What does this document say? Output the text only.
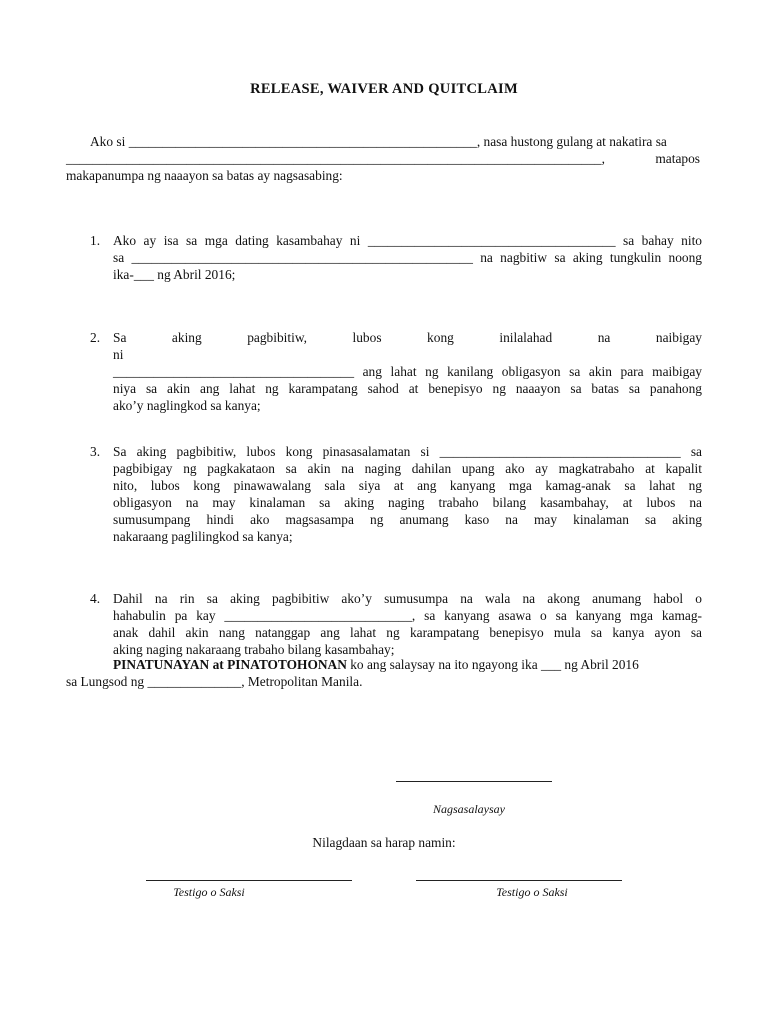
RELEASE, WAIVER AND QUITCLAIM
Ako si ____________________________________________________, nasa hustong gulang at nakatira sa
________________________________________________________________________________,	matapos
makapanumpa ng naaayon sa batas ay nagsasabing:
1. Ako ay isa sa mga dating kasambahay ni _____________________________________ sa bahay nito
sa ___________________________________________________ na nagbitiw sa aking tungkulin noong
ika-___ ng Abril 2016;
2. Sa aking pagbibitiw, lubos kong inilalahad na naibigay ni
____________________________________ ang lahat ng kanilang obligasyon sa akin para maibigay
niya sa akin ang lahat ng karampatang sahod at benepisyo ng naaayon sa batas sa panahong
ako’y naglingkod sa kanya;
3. Sa aking pagbibitiw, lubos kong pinasasalamatan si ____________________________________ sa
pagbibigay ng pagkakataon sa akin na naging dahilan upang ako ay magkatrabaho at kapalit
nito, lubos kong pinawawalang sala siya at ang kanyang mga kamag-anak sa lahat ng
obligasyon na may kinalaman sa aking naging trabaho bilang kasambahay, at lubos na
sumusumpang hindi ako magsasampa ng anumang kaso na may kinalaman sa aking
nakaraang paglilingkod sa kanya;
4. Dahil na rin sa aking pagbibitiw ako’y sumusumpa na wala na akong anumang habol o
hahabulin pa kay ____________________________, sa kanyang asawa o sa kanyang mga kamag-
anak dahil akin nang natanggap ang lahat ng karampatang benepisyo mula sa kanya ayon sa
aking naging nakaraang trabaho bilang kasambahay;
PINATUNAYAN at PINATOTOHONAN ko ang salaysay na ito ngayong ika ___ ng Abril 2016
sa Lungsod ng ______________, Metropolitan Manila.
Nagsasalaysay
Nilagdaan sa harap namin:
Testigo o Saksi	Testigo o Saksi
